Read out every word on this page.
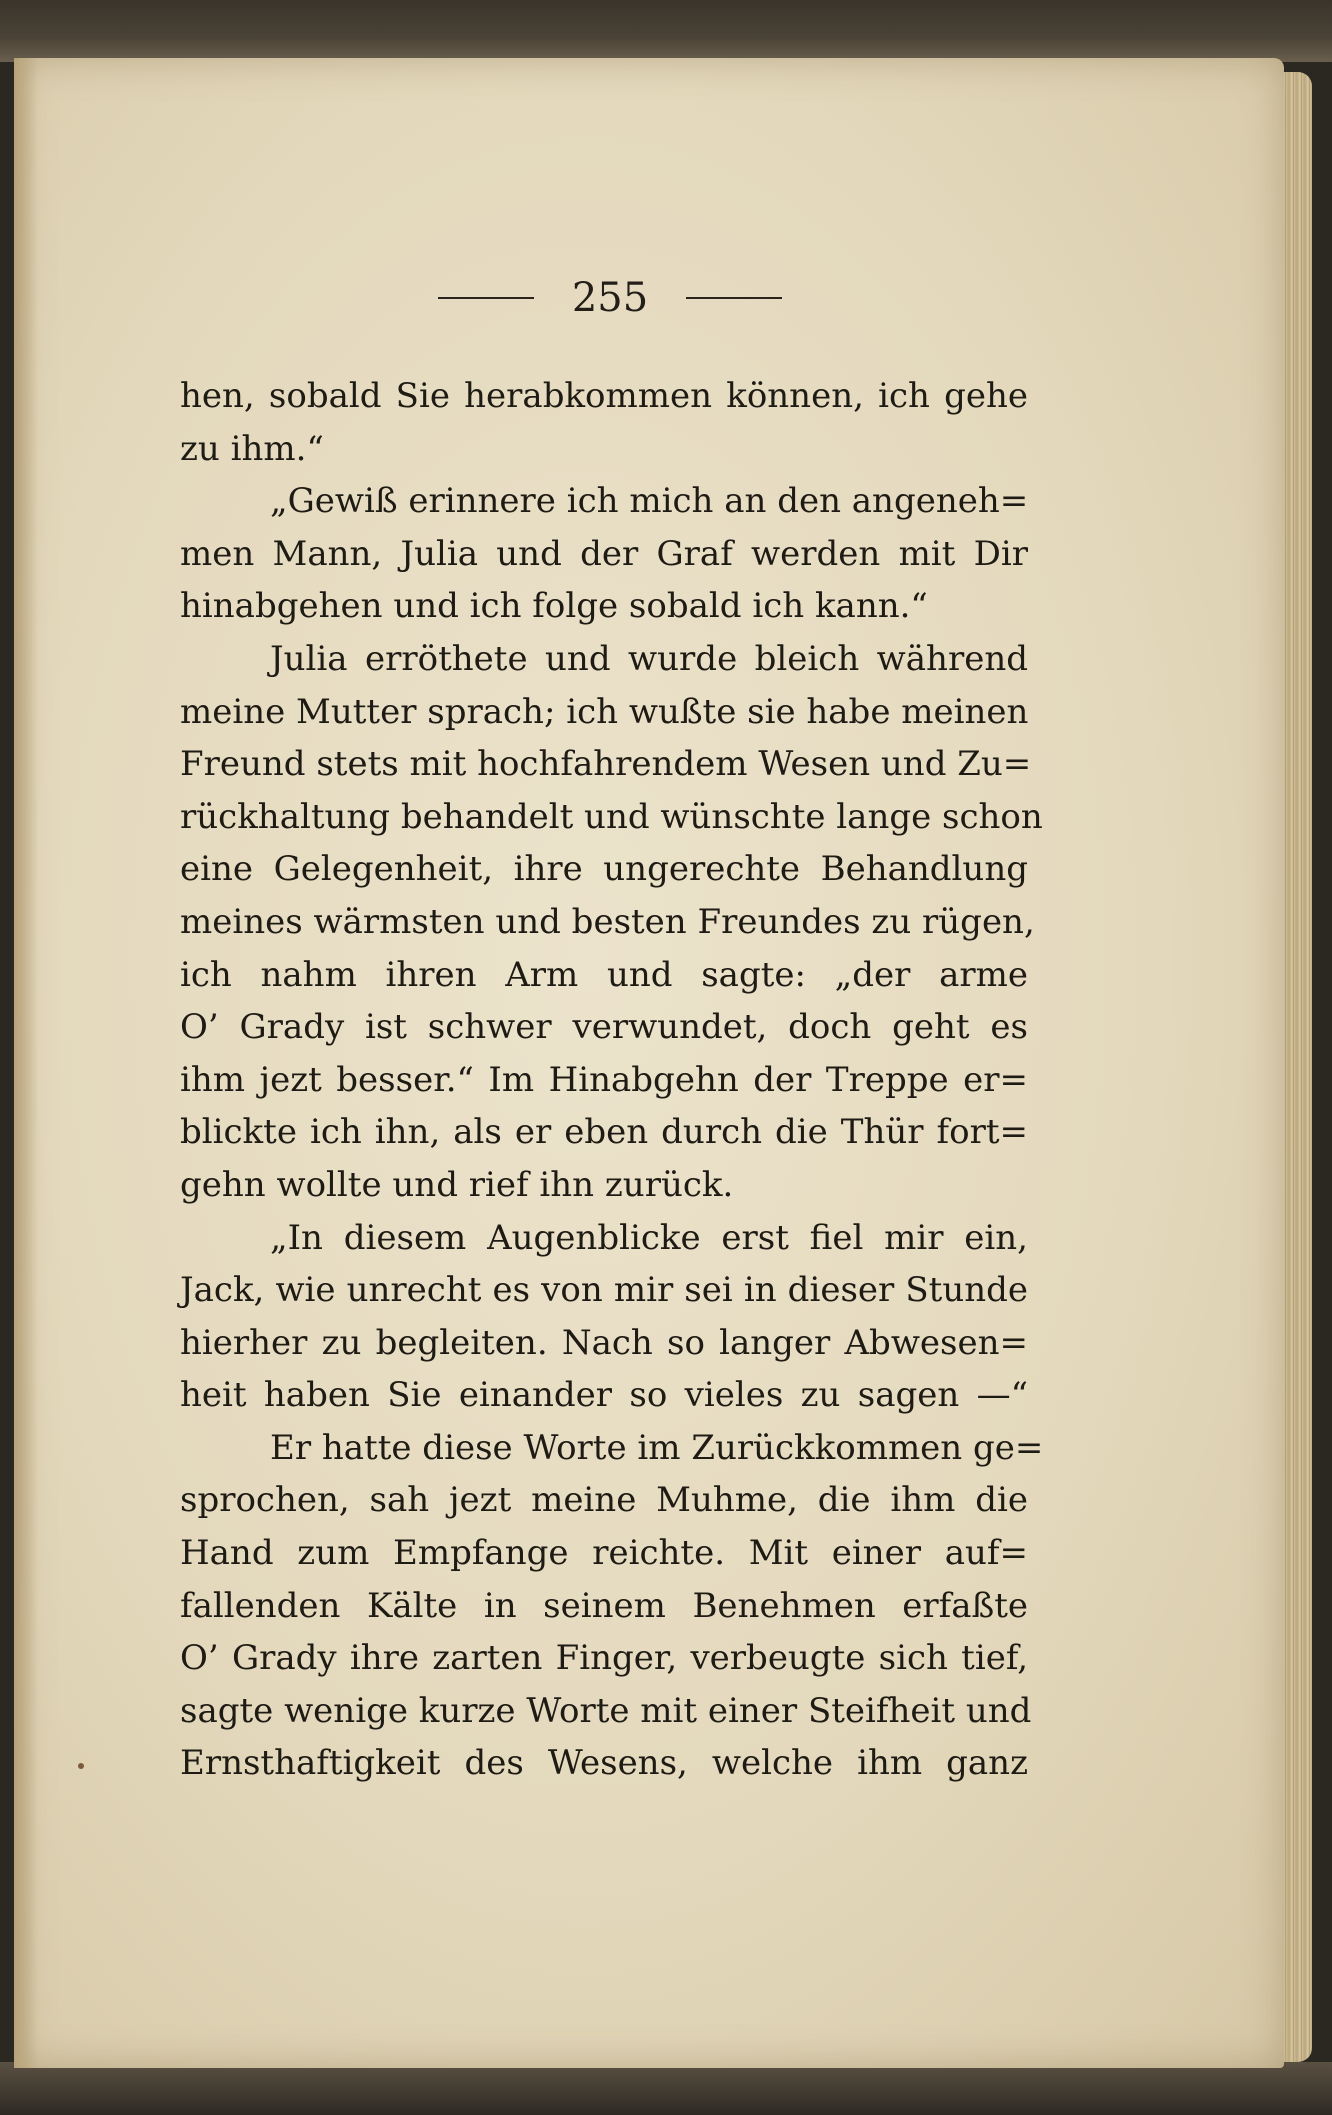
255
hen, sobald Sie herabkommen können, ich gehe
zu ihm.“
„Gewiß erinnere ich mich an den angeneh=
men Mann, Julia und der Graf werden mit Dir
hinabgehen und ich folge sobald ich kann.“
Julia erröthete und wurde bleich während
meine Mutter sprach; ich wußte sie habe meinen
Freund stets mit hochfahrendem Wesen und Zu=
rückhaltung behandelt und wünschte lange schon
eine Gelegenheit, ihre ungerechte Behandlung
meines wärmsten und besten Freundes zu rügen,
ich nahm ihren Arm und sagte: „der arme
O’ Grady ist schwer verwundet, doch geht es
ihm jezt besser.“ Im Hinabgehn der Treppe er=
blickte ich ihn, als er eben durch die Thür fort=
gehn wollte und rief ihn zurück.
„In diesem Augenblicke erst fiel mir ein,
Jack, wie unrecht es von mir sei in dieser Stunde
hierher zu begleiten. Nach so langer Abwesen=
heit haben Sie einander so vieles zu sagen —“
Er hatte diese Worte im Zurückkommen ge=
sprochen, sah jezt meine Muhme, die ihm die
Hand zum Empfange reichte. Mit einer auf=
fallenden Kälte in seinem Benehmen erfaßte
O’ Grady ihre zarten Finger, verbeugte sich tief,
sagte wenige kurze Worte mit einer Steifheit und
Ernsthaftigkeit des Wesens, welche ihm ganz
